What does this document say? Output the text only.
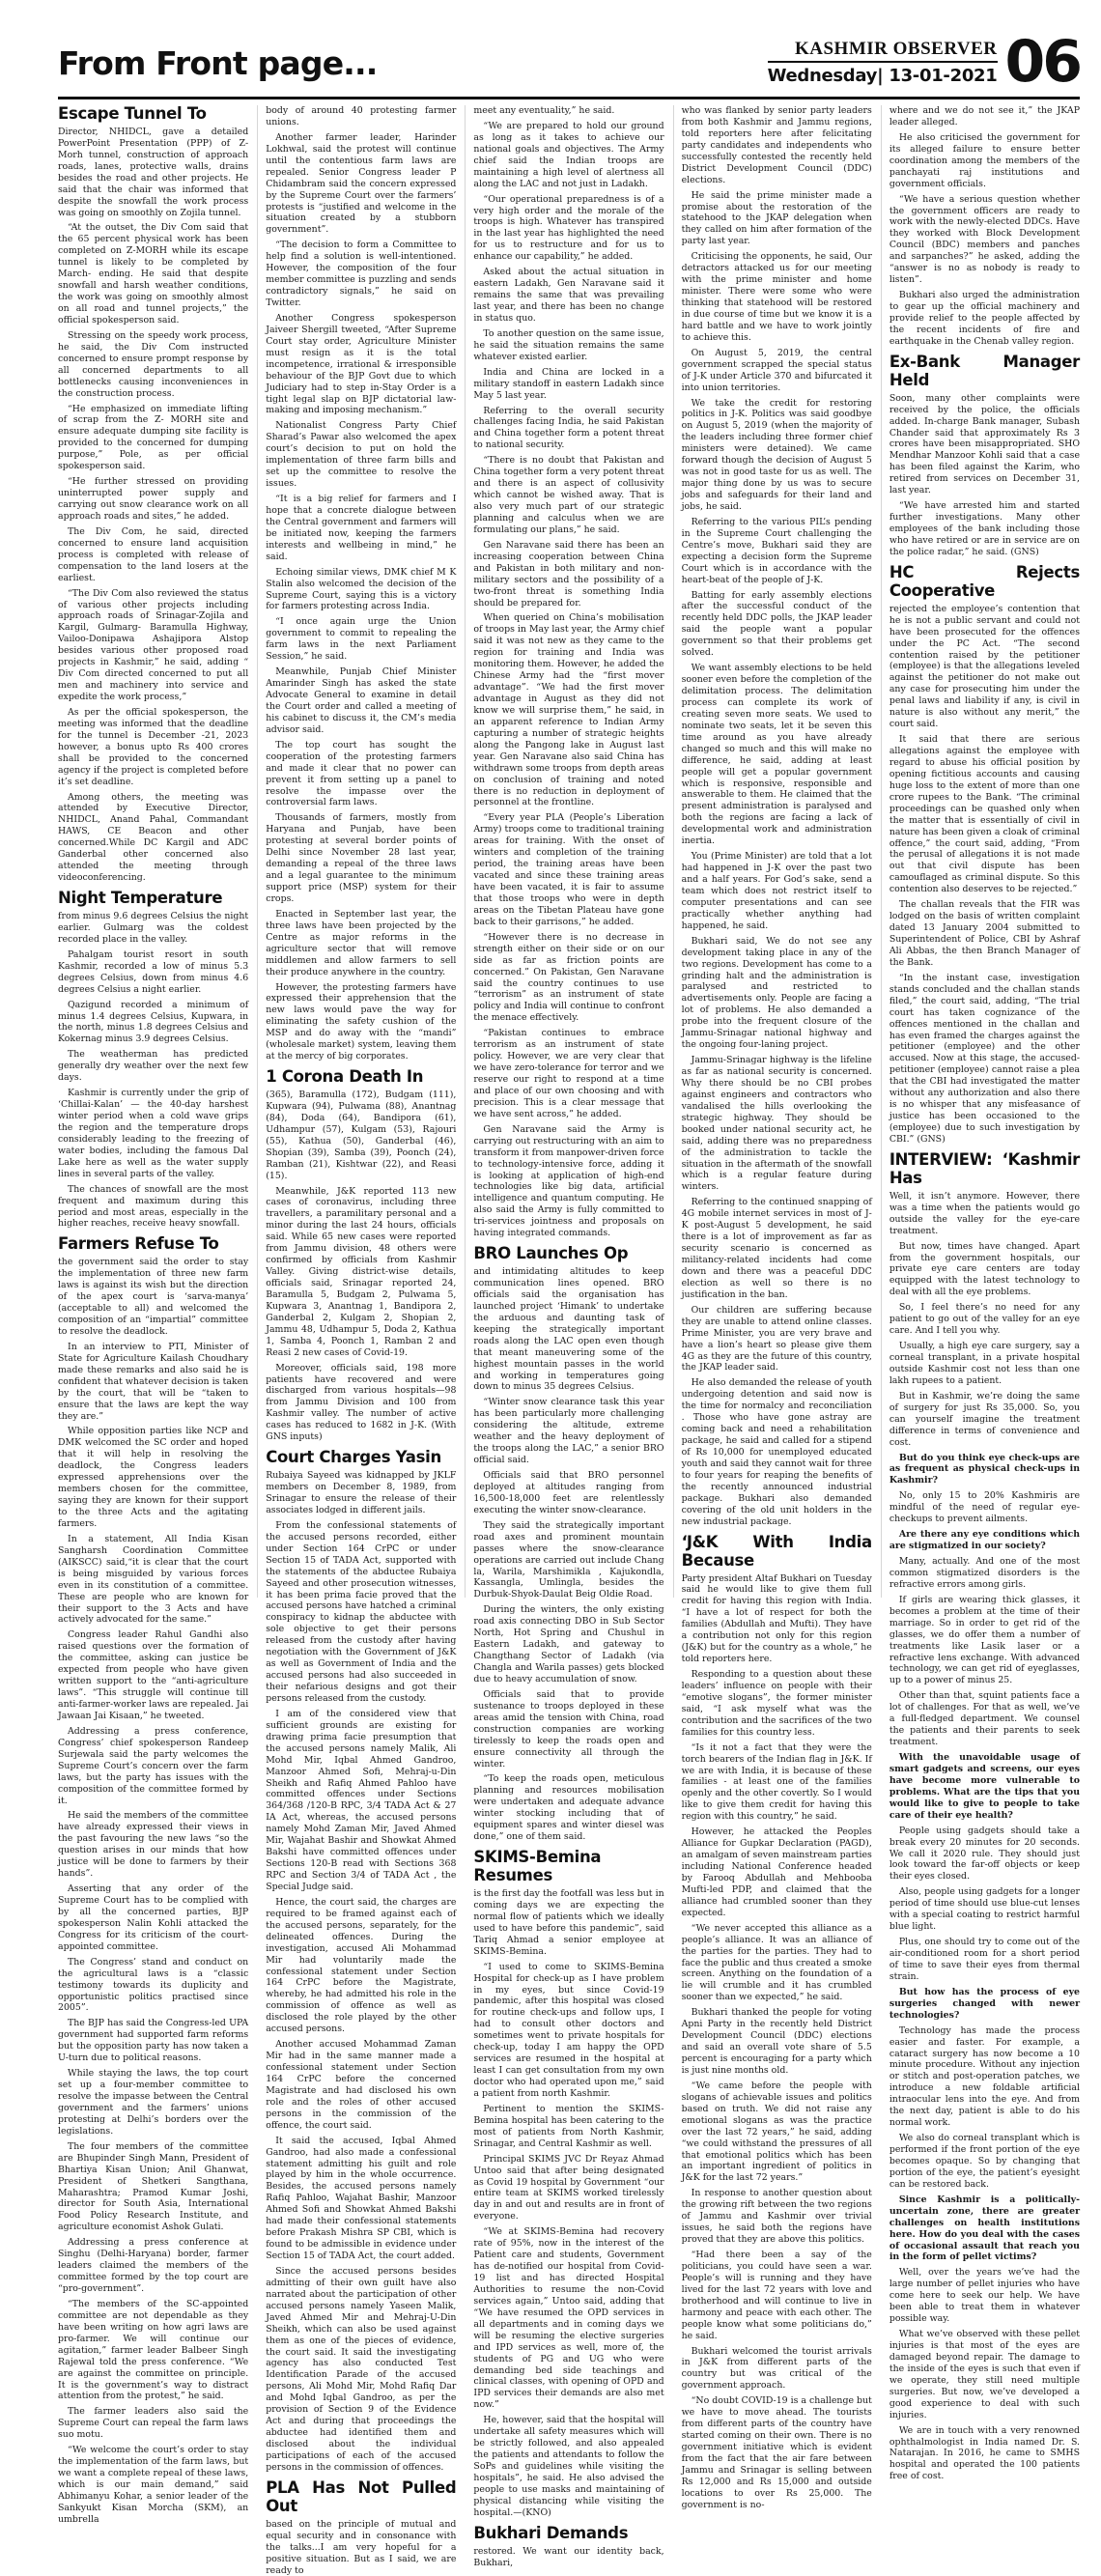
From Front page...	KASHMIR OBSERVER
Wednesday| 13-01-2021 06
Escape Tunnel To

Director, NHIDCL, gave a detailed PowerPoint Presentation (PPP) of Z-Morh tunnel, construction of approach roads, lanes, protective walls, drains besides the road and other projects. He said that the chair was informed that despite the snowfall the work process was going on smoothly on Zojila tunnel.

“At the outset, the Div Com said that the 65 percent physical work has been completed on Z-MORH while its escape tunnel is likely to be completed by March- ending. He said that despite snowfall and harsh weather conditions, the work was going on smoothly almost on all road and tunnel projects,” the official spokesperson said.

Stressing on the speedy work process, he said, the Div Com instructed concerned to ensure prompt response by all concerned departments to all bottlenecks causing inconveniences in the construction process.

“He emphasized on immediate lifting of scrap from the Z- MORH site and ensure adequate dumping site facility is provided to the concerned for dumping purpose,” Pole, as per official spokesperson said.

“He further stressed on providing uninterrupted power supply and carrying out snow clearance work on all approach roads and sites,” he added.

The Div Com, he said, directed concerned to ensure land acquisition process is completed with release of compensation to the land losers at the earliest.

“The Div Com also reviewed the status of various other projects including approach roads of Srinagar-Zojila and Kargil, Gulmarg- Baramulla Highway, Vailoo-Donipawa Ashajipora Alstop besides various other proposed road projects in Kashmir,” he said, adding “ Div Com directed concerned to put all men and machinery into service and expedite the work process,”

As per the official spokesperson, the meeting was informed that the deadline for the tunnel is December -21, 2023 however, a bonus upto Rs 400 crores shall be provided to the concerned agency if the project is completed before it’s set deadline.

Among others, the meeting was attended by Executive Director, NHIDCL, Anand Pahal, Commandant HAWS, CE Beacon and other concerned.While DC Kargil and ADC Ganderbal other concerned also attended the meeting through videoconferencing.

Night Temperature

from minus 9.6 degrees Celsius the night earlier. Gulmarg was the coldest recorded place in the valley.

Pahalgam tourist resort in south Kashmir, recorded a low of minus 5.3 degrees Celsius, down from minus 4.6 degrees Celsius a night earlier.

Qazigund recorded a minimum of minus 1.4 degrees Celsius, Kupwara, in the north, minus 1.8 degrees Celsius and Kokernag minus 3.9 degrees Celsius.

The weatherman has predicted generally dry weather over the next few days.

Kashmir is currently under the grip of ‘Chillai-Kalan’ — the 40-day harshest winter period when a cold wave grips the region and the temperature drops considerably leading to the freezing of water bodies, including the famous Dal Lake here as well as the water supply lines in several parts of the valley.

The chances of snowfall are the most frequent and maximum during this period and most areas, especially in the higher reaches, receive heavy snowfall.

Farmers Refuse To

the government said the order to stay the implementation of three new farm laws is against its wish but the direction of the apex court is ‘sarva-manya’ (acceptable to all) and welcomed the composition of an “impartial” committee to resolve the deadlock.

In an interview to PTI, Minister of State for Agriculture Kailash Choudhary made these remarks and also said he is confident that whatever decision is taken by the court, that will be “taken to ensure that the laws are kept the way they are.”

While opposition parties like NCP and DMK welcomed the SC order and hoped that it will help in resolving the deadlock, the Congress leaders expressed apprehensions over the members chosen for the committee, saying they are known for their support to the three Acts and the agitating farmers.

In a statement, All India Kisan Sangharsh Coordination Committee (AIKSCC) said,“it is clear that the court is being misguided by various forces even in its constitution of a committee. These are people who are known for their support to the 3 Acts and have actively advocated for the same.”

Congress leader Rahul Gandhi also raised questions over the formation of the committee, asking can justice be expected from people who have given written support to the “anti-agriculture laws”. “This struggle will continue till anti-farmer-worker laws are repealed. Jai Jawaan Jai Kisaan,” he tweeted.

Addressing a press conference, Congress’ chief spokesperson Randeep Surjewala said the party welcomes the Supreme Court’s concern over the farm laws, but the party has issues with the composition of the committee formed by it.

He said the members of the committee have already expressed their views in the past favouring the new laws “so the question arises in our minds that how justice will be done to farmers by their hands”.

Asserting that any order of the Supreme Court has to be complied with by all the concerned parties, BJP spokesperson Nalin Kohli attacked the Congress for its criticism of the court-appointed committee.

The Congress’ stand and conduct on the agricultural laws is a “classic testimony towards its duplicity and opportunistic politics practised since 2005”.

The BJP has said the Congress-led UPA government had supported farm reforms but the opposition party has now taken a U-turn due to political reasons.

While staying the laws, the top court set up a four-member committee to resolve the impasse between the Central government and the farmers’ unions protesting at Delhi’s borders over the legislations.

The four members of the committee are Bhupinder Singh Mann, President of Bhartiya Kisan Union; Anil Ghanwat, President of Shetkeri Sangthana, Maharashtra; Pramod Kumar Joshi, director for South Asia, International Food Policy Research Institute, and agriculture economist Ashok Gulati.

Addressing a press conference at Singhu (Delhi-Haryana) border, farmer leaders claimed the members of the committee formed by the top court are “pro-government”.

“The members of the SC-appointed committee are not dependable as they have been writing on how agri laws are pro-farmer. We will continue our agitation,” farmer leader Balbeer Singh Rajewal told the press conference. “We are against the committee on principle. It is the government’s way to distract attention from the protest,” he said.

The farmer leaders also said the Supreme Court can repeal the farm laws suo motu.

“We welcome the court’s order to stay the implementation of the farm laws, but we want a complete repeal of these laws, which is our main demand,” said Abhimanyu Kohar, a senior leader of the Sankyukt Kisan Morcha (SKM), an umbrella

body of around 40 protesting farmer unions.

Another farmer leader, Harinder Lokhwal, said the protest will continue until the contentious farm laws are repealed. Senior Congress leader P Chidambram said the concern expressed by the Supreme Court over the farmers’ protests is “justified and welcome in the situation created by a stubborn government”.

“The decision to form a Committee to help find a solution is well-intentioned. However, the composition of the four member committee is puzzling and sends contradictory signals,” he said on Twitter.

Another Congress spokesperson Jaiveer Shergill tweeted, “After Supreme Court stay order, Agriculture Minister must resign as it is the total incompetence, irrational & irresponsible behaviour of the BJP Govt due to which Judiciary had to step in-Stay Order is a tight legal slap on BJP dictatorial law-making and imposing mechanism.”

Nationalist Congress Party Chief Sharad’s Pawar also welcomed the apex court’s decision to put on hold the implementation of three farm bills and set up the committee to resolve the issues.

“It is a big relief for farmers and I hope that a concrete dialogue between the Central government and farmers will be initiated now, keeping the farmers interests and wellbeing in mind,” he said.

Echoing similar views, DMK chief M K Stalin also welcomed the decision of the Supreme Court, saying this is a victory for farmers protesting across India.

“I once again urge the Union government to commit to repealing the farm laws in the next Parliament Session,” he said.

Meanwhile, Punjab Chief Minister Amarinder Singh has asked the state Advocate General to examine in detail the Court order and called a meeting of his cabinet to discuss it, the CM’s media advisor said.

The top court has sought the cooperation of the protesting farmers and made it clear that no power can prevent it from setting up a panel to resolve the impasse over the controversial farm laws.

Thousands of farmers, mostly from Haryana and Punjab, have been protesting at several border points of Delhi since November 28 last year, demanding a repeal of the three laws and a legal guarantee to the minimum support price (MSP) system for their crops.

Enacted in September last year, the three laws have been projected by the Centre as major reforms in the agriculture sector that will remove middlemen and allow farmers to sell their produce anywhere in the country.

However, the protesting farmers have expressed their apprehension that the new laws would pave the way for eliminating the safety cushion of the MSP and do away with the “mandi” (wholesale market) system, leaving them at the mercy of big corporates.

1 Corona Death In

(365), Baramulla (172), Budgam (111), Kupwara (94), Pulwama (88), Anantnag (84), Doda (64), Bandipora (61), Udhampur (57), Kulgam (53), Rajouri (55), Kathua (50), Ganderbal (46), Shopian (39), Samba (39), Poonch (24), Ramban (21), Kishtwar (22), and Reasi (15).

Meanwhile, J&K reported 113 new cases of coronavirus, including three travellers, a paramilitary personal and a minor during the last 24 hours, officials said. While 65 new cases were reported from Jammu division, 48 others were confirmed by officials from Kashmir Valley. Giving district-wise details, officials said, Srinagar reported 24, Baramulla 5, Budgam 2, Pulwama 5, Kupwara 3, Anantnag 1, Bandipora 2, Ganderbal 2, Kulgam 2, Shopian 2, Jammu 48, Udhampur 5, Doda 2, Kathua 1, Samba 4, Poonch 1, Ramban 2 and Reasi 2 new cases of Covid-19.

Moreover, officials said, 198 more patients have recovered and were discharged from various hospitals—98 from Jammu Division and 100 from Kashmir valley. The number of active cases has reduced to 1682 in J-K. (With GNS inputs)

Court Charges Yasin

Rubaiya Sayeed was kidnapped by JKLF members on December 8, 1989, from Srinagar to ensure the release of their associates lodged in different jails.

From the confessional statements of the accused persons recorded, either under Section 164 CrPC or under Section 15 of TADA Act, supported with the statements of the abductee Rubaiya Sayeed and other prosecution witnesses, it has been prima facie proved that the accused persons have hatched a criminal conspiracy to kidnap the abductee with sole objective to get their persons released from the custody after having negotiation with the Government of J&K as well as Government of India and the accused persons had also succeeded in their nefarious designs and got their persons released from the custody.

I am of the considered view that sufficient grounds are existing for drawing prima facie presumption that the accused persons namely Malik, Ali Mohd Mir, Iqbal Ahmed Gandroo, Manzoor Ahmed Sofi, Mehraj-u-Din Sheikh and Rafiq Ahmed Pahloo have committed offences under Sections 364/368 /120-B RPC, 3/4 TADA Act & 27 IA Act, whereas, the accused persons namely Mohd Zaman Mir, Javed Ahmed Mir, Wajahat Bashir and Showkat Ahmed Bakshi have committed offences under Sections 120-B read with Sections 368 RPC and Section 3/4 of TADA Act , the Special Judge said.

Hence, the court said, the charges are required to be framed against each of the accused persons, separately, for the delineated offences. During the investigation, accused Ali Mohammad Mir had voluntarily made the confessional statement under Section 164 CrPC before the Magistrate, whereby, he had admitted his role in the commission of offence as well as disclosed the role played by the other accused persons.

Another accused Mohammad Zaman Mir had in the same manner made a confessional statement under Section 164 CrPC before the concerned Magistrate and had disclosed his own role and the roles of other accused persons in the commission of the offence, the court said.

It said the accused, Iqbal Ahmed Gandroo, had also made a confessional statement admitting his guilt and role played by him in the whole occurrence. Besides, the accused persons namely Rafiq Pahloo, Wajahat Bashir, Manzoor Ahmed Sofi and Showkat Ahmed Bakshi had made their confessional statements before Prakash Mishra SP CBI, which is found to be admissible in evidence under Section 15 of TADA Act, the court added.

Since the accused persons besides admitting of their own guilt have also narrated about the participation of other accused persons namely Yaseen Malik, Javed Ahmed Mir and Mehraj-U-Din Sheikh, which can also be used against them as one of the pieces of evidence, the court said. It said the investigating agency has also conducted Test Identification Parade of the accused persons, Ali Mohd Mir, Mohd Rafiq Dar and Mohd Iqbal Gandroo, as per the provision of Section 9 of the Evidence Act and during that proceedings the abductee had identified them and disclosed about the individual participations of each of the accused persons in the commission of offences.

PLA Has Not Pulled Out

based on the principle of mutual and equal security and in consonance with the talks...I am very hopeful for a positive situation. But as I said, we are ready to

meet any eventuality,” he said.

“We are prepared to hold our ground as long as it takes to achieve our national goals and objectives. The Army chief said the Indian troops are maintaining a high level of alertness all along the LAC and not just in Ladakh.

“Our operational preparedness is of a very high order and the morale of the troops is high. Whatever has transpired in the last year has highlighted the need for us to restructure and for us to enhance our capability,” he added.

Asked about the actual situation in eastern Ladakh, Gen Naravane said it remains the same that was prevailing last year, and there has been no change in status quo.

To another question on the same issue, he said the situation remains the same whatever existed earlier.

India and China are locked in a military standoff in eastern Ladakh since May 5 last year.

Referring to the overall security challenges facing India, he said Pakistan and China together form a potent threat to national security.

“There is no doubt that Pakistan and China together form a very potent threat and there is an aspect of collusivity which cannot be wished away. That is also very much part of our strategic planning and calculus when we are formulating our plans,” he said.

Gen Naravane said there has been an increasing cooperation between China and Pakistan in both military and non-military sectors and the possibility of a two-front threat is something India should be prepared for.

When queried on China’s mobilisation of troops in May last year, the Army chief said it was not new as they came to the region for training and India was monitoring them. However, he added the Chinese Army had the “first mover advantage”. “We had the first mover advantage in August as they did not know we will surprise them,” he said, in an apparent reference to Indian Army capturing a number of strategic heights along the Pangong lake in August last year. Gen Naravane also said China has withdrawn some troops from depth areas on conclusion of training and noted there is no reduction in deployment of personnel at the frontline.

“Every year PLA (People’s Liberation Army) troops come to traditional training areas for training. With the onset of winters and completion of the training period, the training areas have been vacated and since these training areas have been vacated, it is fair to assume that those troops who were in depth areas on the Tibetan Plateau have gone back to their garrisons,” he added.

“However there is no decrease in strength either on their side or on our side as far as friction points are concerned.” On Pakistan, Gen Naravane said the country continues to use “terrorism” as an instrument of state policy and India will continue to confront the menace effectively.

“Pakistan continues to embrace terrorism as an instrument of state policy. However, we are very clear that we have zero-tolerance for terror and we reserve our right to respond at a time and place of our own choosing and with precision. This is a clear message that we have sent across,” he added.

Gen Naravane said the Army is carrying out restructuring with an aim to transform it from manpower-driven force to technology-intensive force, adding it is looking at application of high-end technologies like big data, artificial intelligence and quantum computing. He also said the Army is fully committed to tri-services jointness and proposals on having integrated commands.

BRO Launches Op

and intimidating altitudes to keep communication lines opened. BRO officials said the organisation has launched project ‘Himank’ to undertake the arduous and daunting task of keeping the strategically important roads along the LAC open even though that meant maneuvering some of the highest mountain passes in the world and working in temperatures going down to minus 35 degrees Celsius.

“Winter snow clearance task this year has been particularly more challenging considering the altitude, extreme weather and the heavy deployment of the troops along the LAC,” a senior BRO official said.

Officials said that BRO personnel deployed at altitudes ranging from 16,500-18,000 feet are relentlessly executing the winter snow-clearance.

They said the strategically important road axes and prominent mountain passes where the snow-clearance operations are carried out include Chang la, Warila, Marshimikla , Kajukondla, Kassangla, Umlingla, besides the Durbuk-Shyok-Daulat Beig Oldie Road.

During the winters, the only existing road axis connecting DBO in Sub Sector North, Hot Spring and Chushul in Eastern Ladakh, and gateway to Changthang Sector of Ladakh (via Changla and Warila passes) gets blocked due to heavy accumulation of snow.

Officials said that to provide sustenance to troops deployed in these areas amid the tension with China, road construction companies are working tirelessly to keep the roads open and ensure connectivity all through the winter.

“To keep the roads open, meticulous planning and resources mobilisation were undertaken and adequate advance winter stocking including that of equipment spares and winter diesel was done,” one of them said.

SKIMS-Bemina Resumes

is the first day the footfall was less but in coming days we are expecting the normal flow of patients which we ideally used to have before this pandemic”, said Tariq Ahmad a senior employee at SKIMS-Bemina.

“I used to come to SKIMS-Bemina Hospital for check-up as I have problem in my eyes, but since Covid-19 pandemic, after this hospital was closed for routine check-ups and follow ups, I had to consult other doctors and sometimes went to private hospitals for check-up, today I am happy the OPD services are resumed in the hospital at least I can get consultation from my own doctor who had operated upon me,” said a patient from north Kashmir.

Pertinent to mention the SKIMS-Bemina hospital has been catering to the most of patients from North Kashmir, Srinagar, and Central Kashmir as well.

Principal SKIMS JVC Dr Reyaz Ahmad Untoo said that after being designated as Covid 19 hospital by Government “our entire team at SKIMS worked tirelessly day in and out and results are in front of everyone.

“We at SKIMS-Bemina had recovery rate of 95%, now in the interest of the Patient care and students, Government has de-notified our hospital from Covid-19 list and has directed Hospital Authorities to resume the non-Covid services again,” Untoo said, adding that “We have resumed the OPD services in all departments and in coming days we will be resuming the elective surgeries and IPD services as well, more of, the students of PG and UG who were demanding bed side teachings and clinical classes, with opening of OPD and IPD services their demands are also met now.”

He, however, said that the hospital will undertake all safety measures which will be strictly followed, and also appealed the patients and attendants to follow the SoPs and guidelines while visiting the hospitals”, he said. He also advised the people to use masks and maintaining of physical distancing while visiting the hospital.—(KNO)

Bukhari Demands

restored. We want our identity back, Bukhari,

who was flanked by senior party leaders from both Kashmir and Jammu regions, told reporters here after felicitating party candidates and independents who successfully contested the recently held District Development Council (DDC) elections.

He said the prime minister made a promise about the restoration of the statehood to the JKAP delegation when they called on him after formation of the party last year.

Criticising the opponents, he said, Our detractors attacked us for our meeting with the prime minister and home minister. There were some who were thinking that statehood will be restored in due course of time but we know it is a hard battle and we have to work jointly to achieve this.

On August 5, 2019, the central government scrapped the special status of J-K under Article 370 and bifurcated it into union territories.

We take the credit for restoring politics in J-K. Politics was said goodbye on August 5, 2019 (when the majority of the leaders including three former chief ministers were detained). We came forward though the decision of August 5 was not in good taste for us as well. The major thing done by us was to secure jobs and safeguards for their land and jobs, he said.

Referring to the various PIL’s pending in the Supreme Court challenging the Centre’s move, Bukhari said they are expecting a decision form the Supreme Court which is in accordance with the heart-beat of the people of J-K.

Batting for early assembly elections after the successful conduct of the recently held DDC polls, the JKAP leader said the people want a popular government so that their problems get solved.

We want assembly elections to be held sooner even before the completion of the delimitation process. The delimitation process can complete its work of creating seven more seats. We used to nominate two seats, let it be seven this time around as you have already changed so much and this will make no difference, he said, adding at least people will get a popular government which is responsive, responsible and answerable to them. He claimed that the present administration is paralysed and both the regions are facing a lack of developmental work and administration inertia.

You (Prime Minister) are told that a lot had happened in J-K over the past two and a half years. For God’s sake, send a team which does not restrict itself to computer presentations and can see practically whether anything had happened, he said.

Bukhari said, We do not see any development taking place in any of the two regions. Development has come to a grinding halt and the administration is paralysed and restricted to advertisements only. People are facing a lot of problems. He also demanded a probe into the frequent closure of the Jammu-Srinagar national highway and the ongoing four-laning project.

Jammu-Srinagar highway is the lifeline as far as national security is concerned. Why there should be no CBI probes against engineers and contractors who vandalised the hills overlooking the strategic highway. They should be booked under national security act, he said, adding there was no preparedness of the administration to tackle the situation in the aftermath of the snowfall which is a regular feature during winters.

Referring to the continued snapping of 4G mobile internet services in most of J-K post-August 5 development, he said there is a lot of improvement as far as security scenario is concerned as militancy-related incidents had come down and there was a peaceful DDC election as well so there is no justification in the ban.

Our children are suffering because they are unable to attend online classes. Prime Minister, you are very brave and have a lion’s heart so please give them 4G as they are the future of this country, the JKAP leader said.

He also demanded the release of youth undergoing detention and said now is the time for normalcy and reconciliation . Those who have gone astray are coming back and need a rehabilitation package, he said and called for a stipend of Rs 10,000 for unemployed educated youth and said they cannot wait for three to four years for reaping the benefits of the recently announced industrial package. Bukhari also demanded covering of the old unit holders in the new industrial package.

‘J&K With India Because

Party president Altaf Bukhari on Tuesday said he would like to give them full credit for having this region with India. “I have a lot of respect for both the families (Abdullah and Mufti). They have a contribution not only for this region (J&K) but for the country as a whole,” he told reporters here.

Responding to a question about these leaders’ influence on people with their “emotive slogans”, the former minister said, “I ask myself what was the contribution and the sacrifices of the two families for this country less.

“Is it not a fact that they were the torch bearers of the Indian flag in J&K. If we are with India, it is because of these families - at least one of the families openly and the other covertly. So I would like to give them credit for having this region with this country,” he said.

However, he attacked the Peoples Alliance for Gupkar Declaration (PAGD), an amalgam of seven mainstream parties including National Conference headed by Farooq Abdullah and Mehbooba Mufti-led PDP, and claimed that the alliance had crumbled sooner than they expected.

“We never accepted this alliance as a people’s alliance. It was an alliance of the parties for the parties. They had to face the public and thus created a smoke screen. Anything on the foundation of a lie will crumble and it has crumbled sooner than we expected,” he said.

Bukhari thanked the people for voting Apni Party in the recently held District Development Council (DDC) elections and said an overall vote share of 5.5 percent is encouraging for a party which is just nine months old.

“We came before the people with slogans of achievable issues and politics based on truth. We did not raise any emotional slogans as was the practice over the last 72 years,” he said, adding “we could withstand the pressures of all that emotional politics which has been an important ingredient of politics in J&K for the last 72 years.”

In response to another question about the growing rift between the two regions of Jammu and Kashmir over trivial issues, he said both the regions have proved that they are above this politics.

“Had there been a say of the politicians, you could have seen a war. People’s will is running and they have lived for the last 72 years with love and brotherhood and will continue to live in harmony and peace with each other. The people know what some politicians do,” he said.

Bukhari welcomed the tourist arrivals in J&K from different parts of the country but was critical of the government approach.

“No doubt COVID-19 is a challenge but we have to move ahead. The tourists from different parts of the country have started coming on their own. There is no government initiative which is evident from the fact that the air fare between Jammu and Srinagar is selling between Rs 12,000 and Rs 15,000 and outside locations to over Rs 25,000. The government is no-

where and we do not see it,” the JKAP leader alleged.

He also criticised the government for its alleged failure to ensure better coordination among the members of the panchayati raj institutions and government officials.

“We have a serious question whether the government officers are ready to work with the newly-elected DDCs. Have they worked with Block Development Council (BDC) members and panches and sarpanches?” he asked, adding the “answer is no as nobody is ready to listen”.

Bukhari also urged the administration to gear up the official machinery and provide relief to the people affected by the recent incidents of fire and earthquake in the Chenab valley region.

Ex-Bank Manager Held

Soon, many other complaints were received by the police, the officials added. In-charge Bank manager, Subash Chander said that approximately Rs 3 crores have been misappropriated. SHO Mendhar Manzoor Kohli said that a case has been filed against the Karim, who retired from services on December 31, last year.

“We have arrested him and started further investigations. Many other employees of the bank including those who have retired or are in service are on the police radar,” he said. (GNS)

HC Rejects Cooperative

rejected the employee’s contention that he is not a public servant and could not have been prosecuted for the offences under the PC Act. “The second contention raised by the petitioner (employee) is that the allegations leveled against the petitioner do not make out any case for prosecuting him under the penal laws and liability if any, is civil in nature is also without any merit,” the court said.

It said that there are serious allegations against the employee with regard to abuse his official position by opening fictitious accounts and causing huge loss to the extent of more than one crore rupees to the Bank. “The criminal proceedings can be quashed only when the matter that is essentially of civil in nature has been given a cloak of criminal offence,” the court said, adding, “From the perusal of allegations it is not made out that civil dispute has been camouflaged as criminal dispute. So this contention also deserves to be rejected.”

The challan reveals that the FIR was lodged on the basis of written complaint dated 13 January 2004 submitted to Superintendent of Police, CBI by Ashraf Ali Abbas, the then Branch Manager of the Bank.

“In the instant case, investigation stands concluded and the challan stands filed,” the court said, adding, “The trial court has taken cognizance of the offences mentioned in the challan and has even framed the charges against the petitioner (employee) and the other accused. Now at this stage, the accused-petitioner (employee) cannot raise a plea that the CBI had investigated the matter without any authorization and also there is no whisper that any misfeasance of justice has been occasioned to the (employee) due to such investigation by CBI.” (GNS)

INTERVIEW: ‘Kashmir Has

Well, it isn’t anymore. However, there was a time when the patients would go outside the valley for the eye-care treatment.

But now, times have changed. Apart from the government hospitals, our private eye care centers are today equipped with the latest technology to deal with all the eye problems.

So, I feel there’s no need for any patient to go out of the valley for an eye care. And I tell you why.

Usually, a high eye care surgery, say a corneal transplant, in a private hospital outside Kashmir cost not less than one lakh rupees to a patient.

But in Kashmir, we’re doing the same of surgery for just Rs 35,000. So, you can yourself imagine the treatment difference in terms of convenience and cost.

But do you think eye check-ups are as frequent as physical check-ups in Kashmir?

No, only 15 to 20% Kashmiris are mindful of the need of regular eye-checkups to prevent ailments.

Are there any eye conditions which are stigmatized in our society?

Many, actually. And one of the most common stigmatized disorders is the refractive errors among girls.

If girls are wearing thick glasses, it becomes a problem at the time of their marriage. So in order to get rid of the glasses, we do offer them a number of treatments like Lasik laser or a refractive lens exchange. With advanced technology, we can get rid of eyeglasses, up to a power of minus 25.

Other than that, squint patients face a lot of challenges. For that as well, we’ve a full-fledged department. We counsel the patients and their parents to seek treatment.

With the unavoidable usage of smart gadgets and screens, our eyes have become more vulnerable to problems. What are the tips that you would like to give to people to take care of their eye health?

People using gadgets should take a break every 20 minutes for 20 seconds. We call it 2020 rule. They should just look toward the far-off objects or keep their eyes closed.

Also, people using gadgets for a longer period of time should use blue-cut lenses with a special coating to restrict harmful blue light.

Plus, one should try to come out of the air-conditioned room for a short period of time to save their eyes from thermal strain.

But how has the process of eye surgeries changed with newer technologies?

Technology has made the process easier and faster. For example, a cataract surgery has now become a 10 minute procedure. Without any injection or stitch and post-operation patches, we introduce a new foldable artificial intraocular lens into the eye. And from the next day, patient is able to do his normal work.

We also do corneal transplant which is performed if the front portion of the eye becomes opaque. So by changing that portion of the eye, the patient’s eyesight can be restored back.

Since Kashmir is a politically-uncertain zone, there are greater challenges on health institutions here. How do you deal with the cases of occasional assault that reach you in the form of pellet victims?

Well, over the years we’ve had the large number of pellet injuries who have come here to seek our help. We have been able to treat them in whatever possible way.

What we’ve observed with these pellet injuries is that most of the eyes are damaged beyond repair. The damage to the inside of the eyes is such that even if we operate, they still need multiple surgeries. But now, we’ve developed a good experience to deal with such injuries.

We are in touch with a very renowned ophthalmologist in India named Dr. S. Natarajan. In 2016, he came to SMHS hospital and operated the 100 patients free of cost.
